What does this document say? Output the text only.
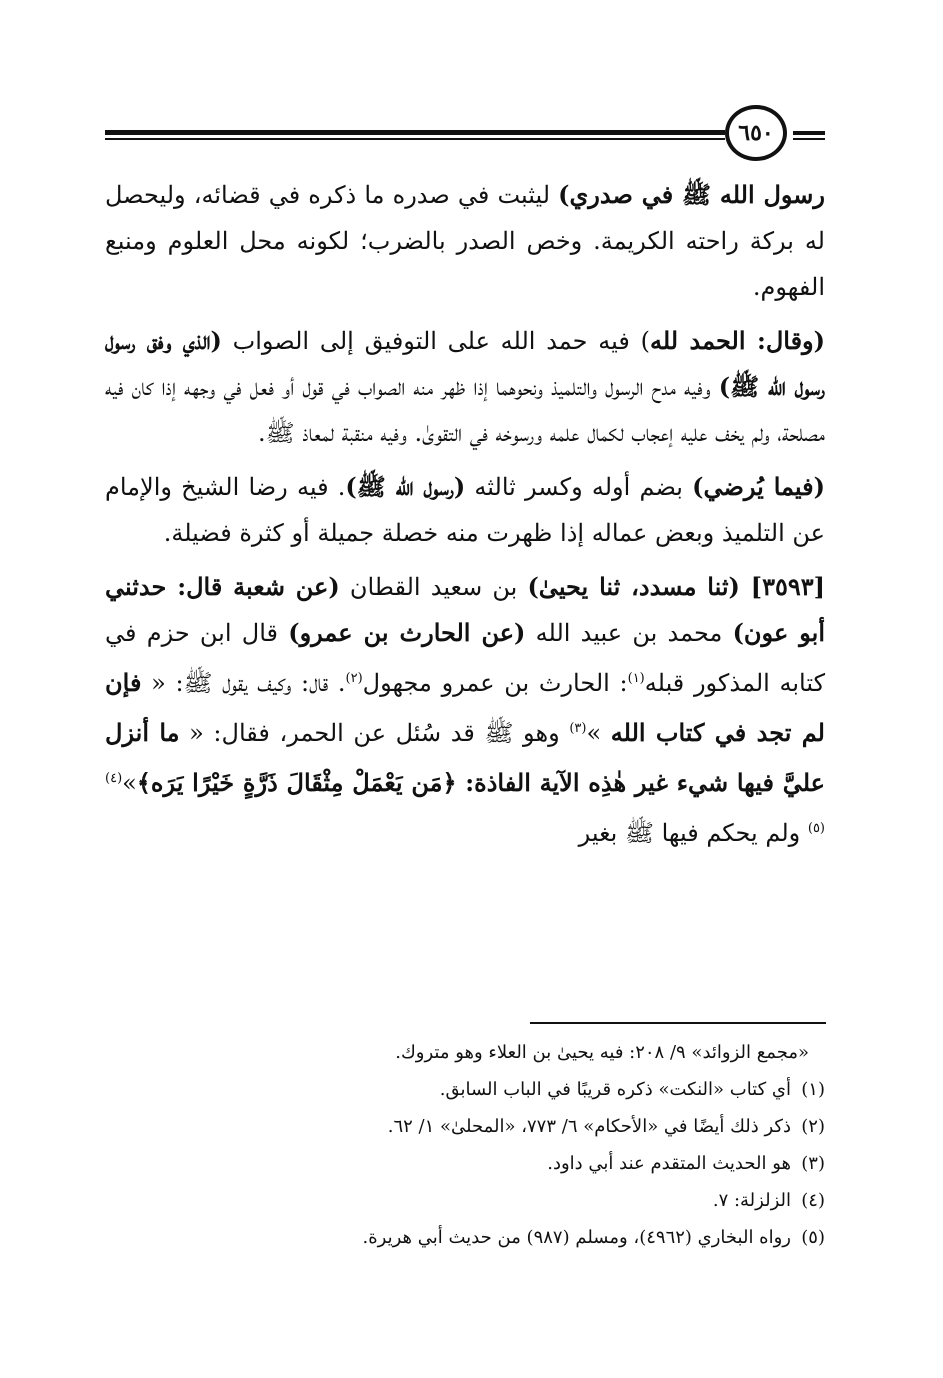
٦٥٠

رسول الله ﷺ في صدري) ليثبت في صدره ما ذكره في قضائه، وليحصل له بركة راحته الكريمة. وخص الصدر بالضرب؛ لكونه محل العلوم ومنبع الفهوم.

(وقال: الحمد لله) فيه حمد الله على التوفيق إلى الصواب (الذي وفق رسول رسول الله ﷺ) وفيه مدح الرسول والتلميذ ونحوهما إذا ظهر منه الصواب في قول أو فعل في وجهه إذا كان فيه مصلحة، ولم يخف عليه إعجاب لكمال علمه ورسوخه في التقوىٰ. وفيه منقبة لمعاذ ﷺ.

(فيما يُرضي) بضم أوله وكسر ثالثه (رسول الله ﷺ). فيه رضا الشيخ والإمام عن التلميذ وبعض عماله إذا ظهرت منه خصلة جميلة أو كثرة فضيلة.

[٣٥٩٣] (ثنا مسدد، ثنا يحيىٰ) بن سعيد القطان (عن شعبة قال: حدثني أبو عون) محمد بن عبيد الله (عن الحارث بن عمرو) قال ابن حزم في كتابه المذكور قبله$^{(١)}$: الحارث بن عمرو مجهول$^{(٢)}$. قال: وكيف يقول ﷺ: « فإن لم تجد في كتاب الله »$^{(٣)}$ وهو ﷺ قد سُئل عن الحمر، فقال: « ما أنزل عليَّ فيها شيء غير هٰذِه الآية الفاذة: ﴿مَن يَعْمَلْ مِثْقَالَ ذَرَّةٍ خَيْرًا يَرَه﴾»$^{(٤)(٥)}$ ولم يحكم فيها ﷺ بغير

«مجمع الزوائد» ٩/ ٢٠٨: فيه يحيىٰ بن العلاء وهو متروك.
(١)أي كتاب «النكت» ذكره قريبًا في الباب السابق.
(٢)ذكر ذلك أيضًا في «الأحكام» ٦/ ٧٧٣، «المحلىٰ» ١/ ٦٢.
(٣)هو الحديث المتقدم عند أبي داود.
(٤)الزلزلة: ٧.
(٥)رواه البخاري (٤٩٦٢)، ومسلم (٩٨٧) من حديث أبي هريرة.
